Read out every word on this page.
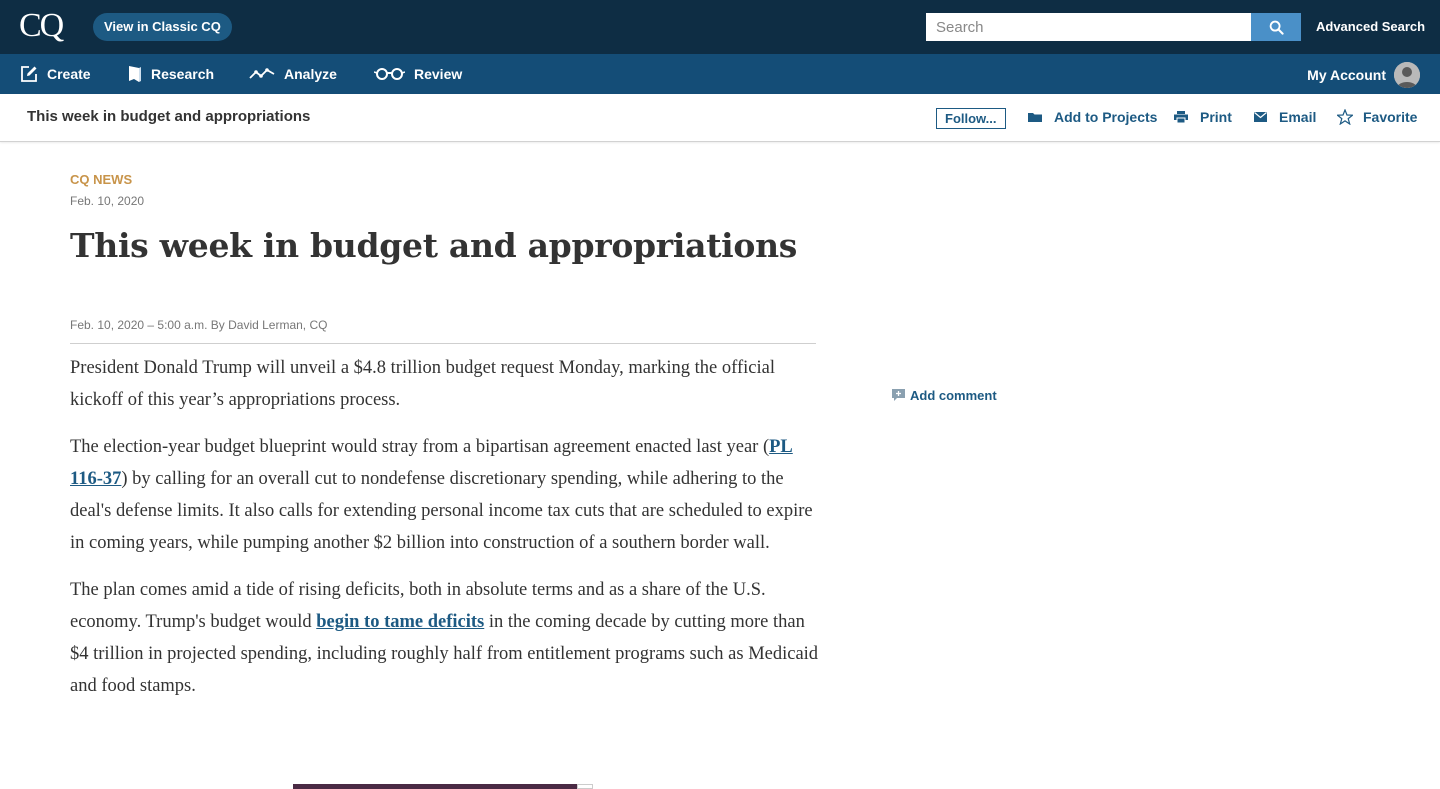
CQ	View in Classic CQ
Search	Advanced Search
Create	Research	Analyze	Review	My Account
This week in budget and appropriations	Follow...	Add to Projects	Print	Email	Favorite
CQ NEWS
Feb. 10, 2020
This week in budget and appropriations
Feb. 10, 2020 – 5:00 a.m. By David Lerman, CQ

President Donald Trump will unveil a $4.8 trillion budget request Monday, marking the official kickoff of this year’s appropriations process.

The election-year budget blueprint would stray from a bipartisan agreement enacted last year (PL 116-37) by calling for an overall cut to nondefense discretionary spending, while adhering to the deal's defense limits. It also calls for extending personal income tax cuts that are scheduled to expire in coming years, while pumping another $2 billion into construction of a southern border wall.

The plan comes amid a tide of rising deficits, both in absolute terms and as a share of the U.S. economy. Trump's budget would begin to tame deficits in the coming decade by cutting more than $4 trillion in projected spending, including roughly half from entitlement programs such as Medicaid and food stamps.

Add comment
